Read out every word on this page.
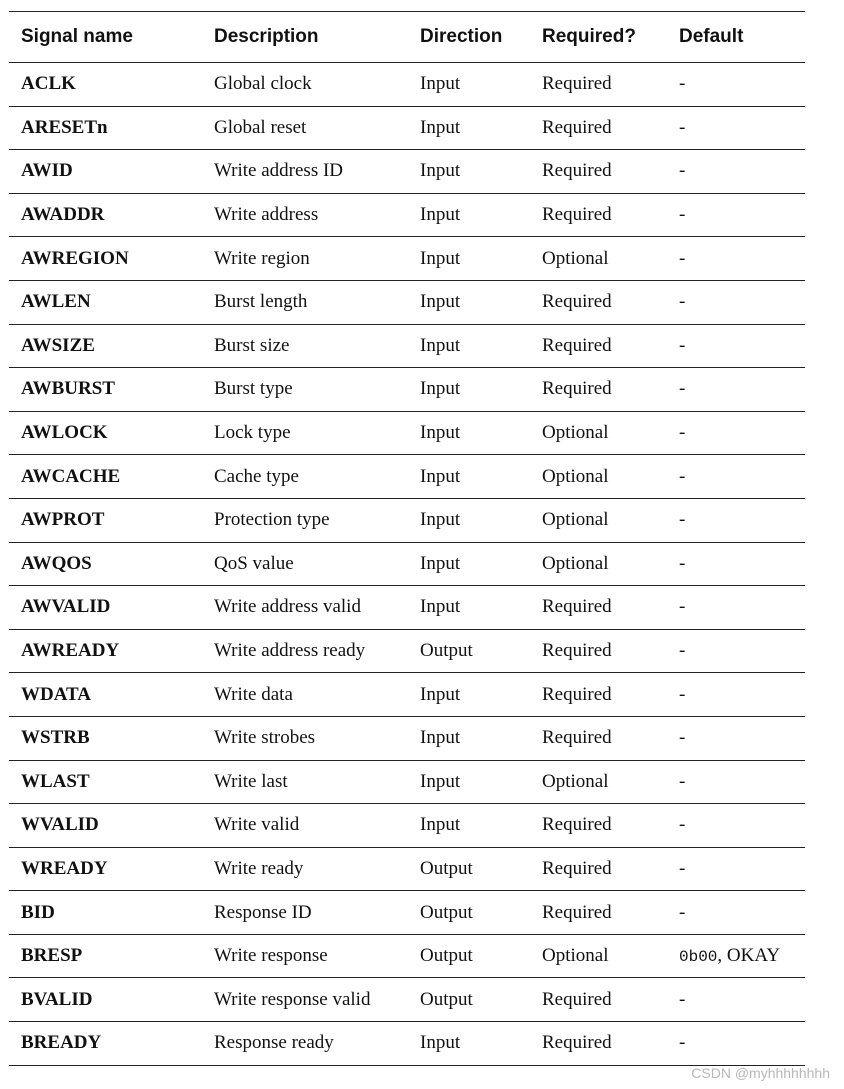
Signal name	Description	Direction	Required?	Default
ACLK	Global clock	Input	Required	-
ARESETn	Global reset	Input	Required	-
AWID	Write address ID	Input	Required	-
AWADDR	Write address	Input	Required	-
AWREGION	Write region	Input	Optional	-
AWLEN	Burst length	Input	Required	-
AWSIZE	Burst size	Input	Required	-
AWBURST	Burst type	Input	Required	-
AWLOCK	Lock type	Input	Optional	-
AWCACHE	Cache type	Input	Optional	-
AWPROT	Protection type	Input	Optional	-
AWQOS	QoS value	Input	Optional	-
AWVALID	Write address valid	Input	Required	-
AWREADY	Write address ready	Output	Required	-
WDATA	Write data	Input	Required	-
WSTRB	Write strobes	Input	Required	-
WLAST	Write last	Input	Optional	-
WVALID	Write valid	Input	Required	-
WREADY	Write ready	Output	Required	-
BID	Response ID	Output	Required	-
BRESP	Write response	Output	Optional	0b00, OKAY
BVALID	Write response valid	Output	Required	-
BREADY	Response ready	Input	Required	-
CSDN @myhhhhhhhh
